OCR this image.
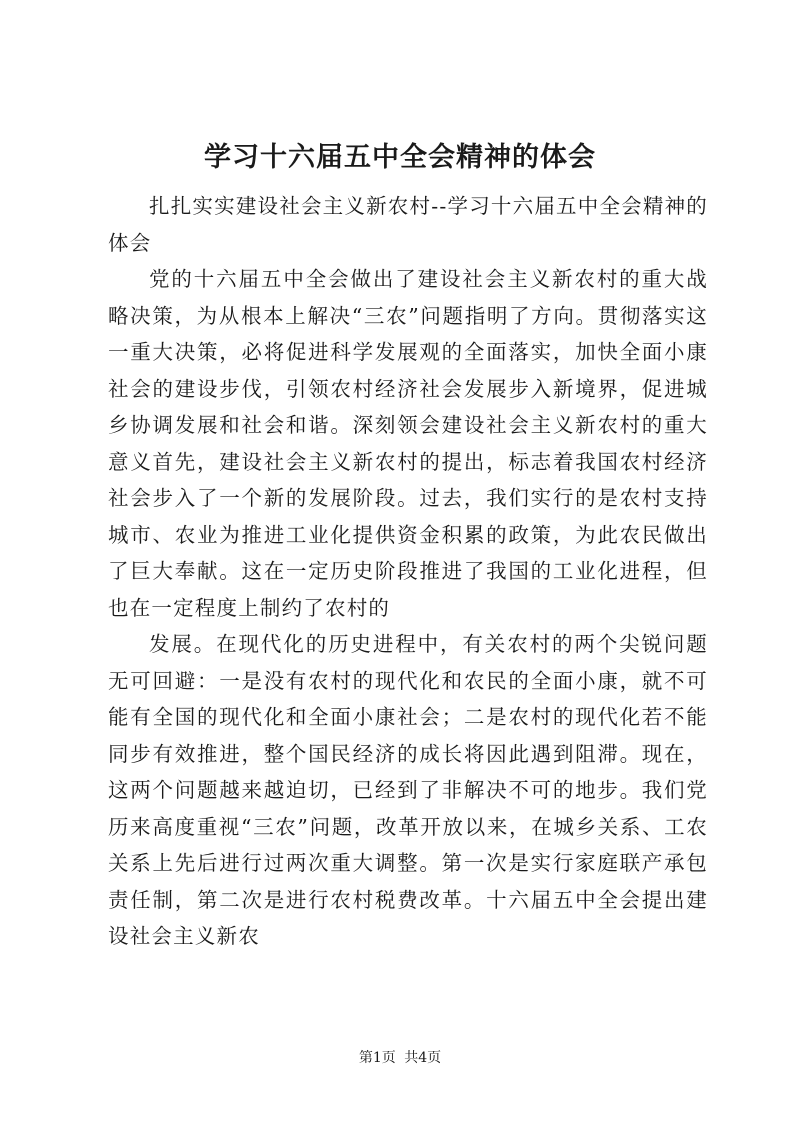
学习十六届五中全会精神的体会

扎扎实实建设社会主义新农村--学习十六届五中全会精神的体会

党的十六届五中全会做出了建设社会主义新农村的重大战略决策，为从根本上解决“三农”问题指明了方向。贯彻落实这一重大决策，必将促进科学发展观的全面落实，加快全面小康社会的建设步伐，引领农村经济社会发展步入新境界，促进城乡协调发展和社会和谐。深刻领会建设社会主义新农村的重大意义首先，建设社会主义新农村的提出，标志着我国农村经济社会步入了一个新的发展阶段。过去，我们实行的是农村支持城市、农业为推进工业化提供资金积累的政策，为此农民做出了巨大奉献。这在一定历史阶段推进了我国的工业化进程，但也在一定程度上制约了农村的

发展。在现代化的历史进程中，有关农村的两个尖锐问题无可回避：一是没有农村的现代化和农民的全面小康，就不可能有全国的现代化和全面小康社会；二是农村的现代化若不能同步有效推进，整个国民经济的成长将因此遇到阻滞。现在，这两个问题越来越迫切，已经到了非解决不可的地步。我们党历来高度重视“三农”问题，改革开放以来，在城乡关系、工农关系上先后进行过两次重大调整。第一次是实行家庭联产承包责任制，第二次是进行农村税费改革。十六届五中全会提出建设社会主义新农

第1页 共4页
